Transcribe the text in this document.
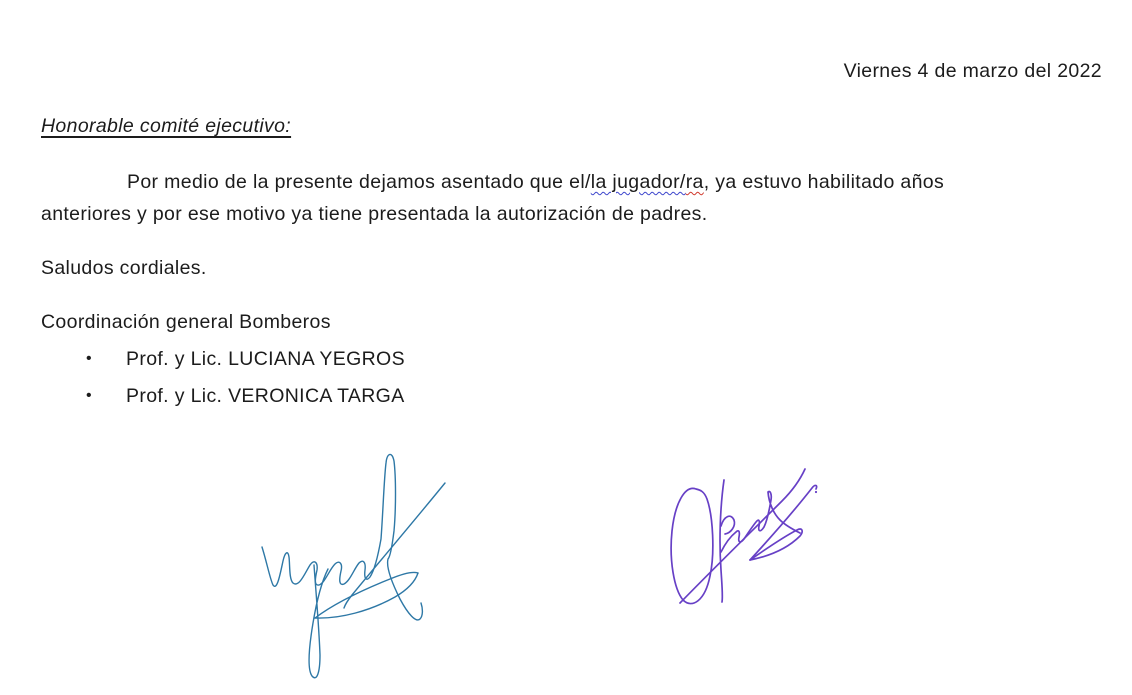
Viernes 4 de marzo del 2022
Honorable comité ejecutivo:

Por medio de la presente dejamos asentado que el/la jugador/ra, ya estuvo habilitado años
anteriores y por ese motivo ya tiene presentada la autorización de padres.

Saludos cordiales.
Coordinación general Bomberos
•	Prof. y Lic. LUCIANA YEGROS
•	Prof. y Lic. VERONICA TARGA
